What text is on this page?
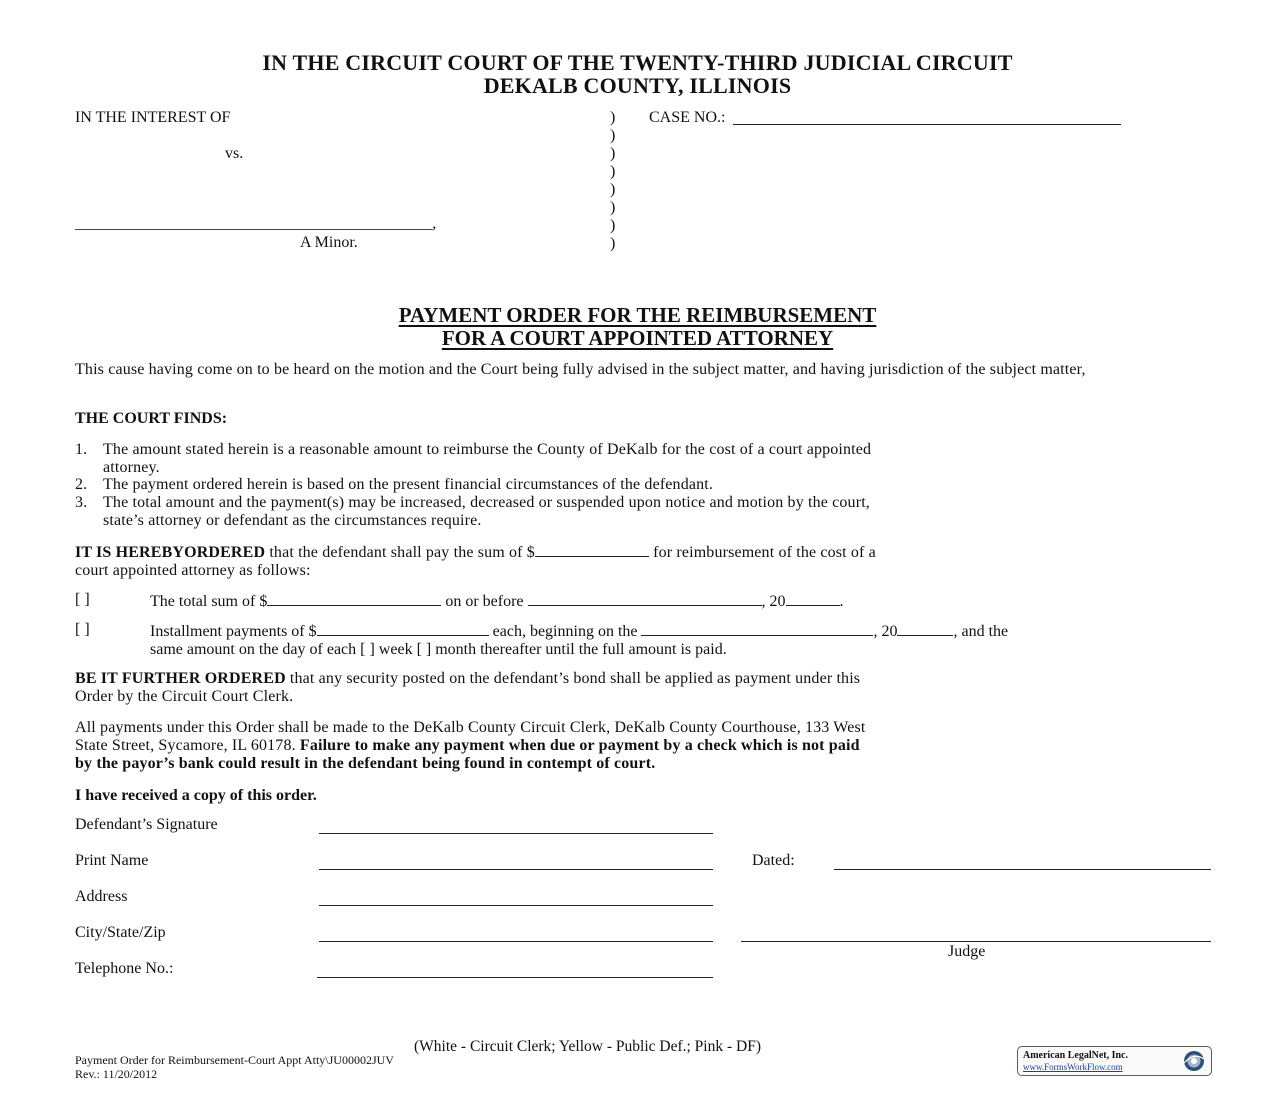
IN THE CIRCUIT COURT OF THE TWENTY-THIRD JUDICIAL CIRCUIT
DEKALB COUNTY, ILLINOIS
IN THE INTEREST OF
vs.
_______________________________________________,
A Minor.
)
)
)
)
)
)
)
)
CASE NO.:
PAYMENT ORDER FOR THE REIMBURSEMENT
FOR A COURT APPOINTED ATTORNEY
This cause having come on to be heard on the motion and the Court being fully advised in the subject matter, and having jurisdiction of the subject matter,
THE COURT FINDS:
1. The amount stated herein is a reasonable amount to reimburse the County of DeKalb for the cost of a court appointed
attorney.
2. The payment ordered herein is based on the present financial circumstances of the defendant.
3. The total amount and the payment(s) may be increased, decreased or suspended upon notice and motion by the court,
state’s attorney or defendant as the circumstances require.
IT IS HEREBYORDERED that the defendant shall pay the sum of $	for reimbursement of the cost of a
court appointed attorney as follows:
[ ]	The total sum of $	on or before	, 20	.
[ ]	Installment payments of $	each, beginning on the	, 20	, and the
same amount on the day of each [ ] week [ ] month thereafter until the full amount is paid.
BE IT FURTHER ORDERED that any security posted on the defendant’s bond shall be applied as payment under this
Order by the Circuit Court Clerk.
All payments under this Order shall be made to the DeKalb County Circuit Clerk, DeKalb County Courthouse, 133 West
State Street, Sycamore, IL 60178. Failure to make any payment when due or payment by a check which is not paid
by the payor’s bank could result in the defendant being found in contempt of court.
I have received a copy of this order.
Defendant’s Signature
Print Name	Dated:
Address
City/State/Zip
Judge
Telephone No.:
(White - Circuit Clerk; Yellow - Public Def.; Pink - DF)
Payment Order for Reimbursement-Court Appt Atty\JU00002JUV
Rev.: 11/20/2012
American LegalNet, Inc.
www.FormsWorkFlow.com
